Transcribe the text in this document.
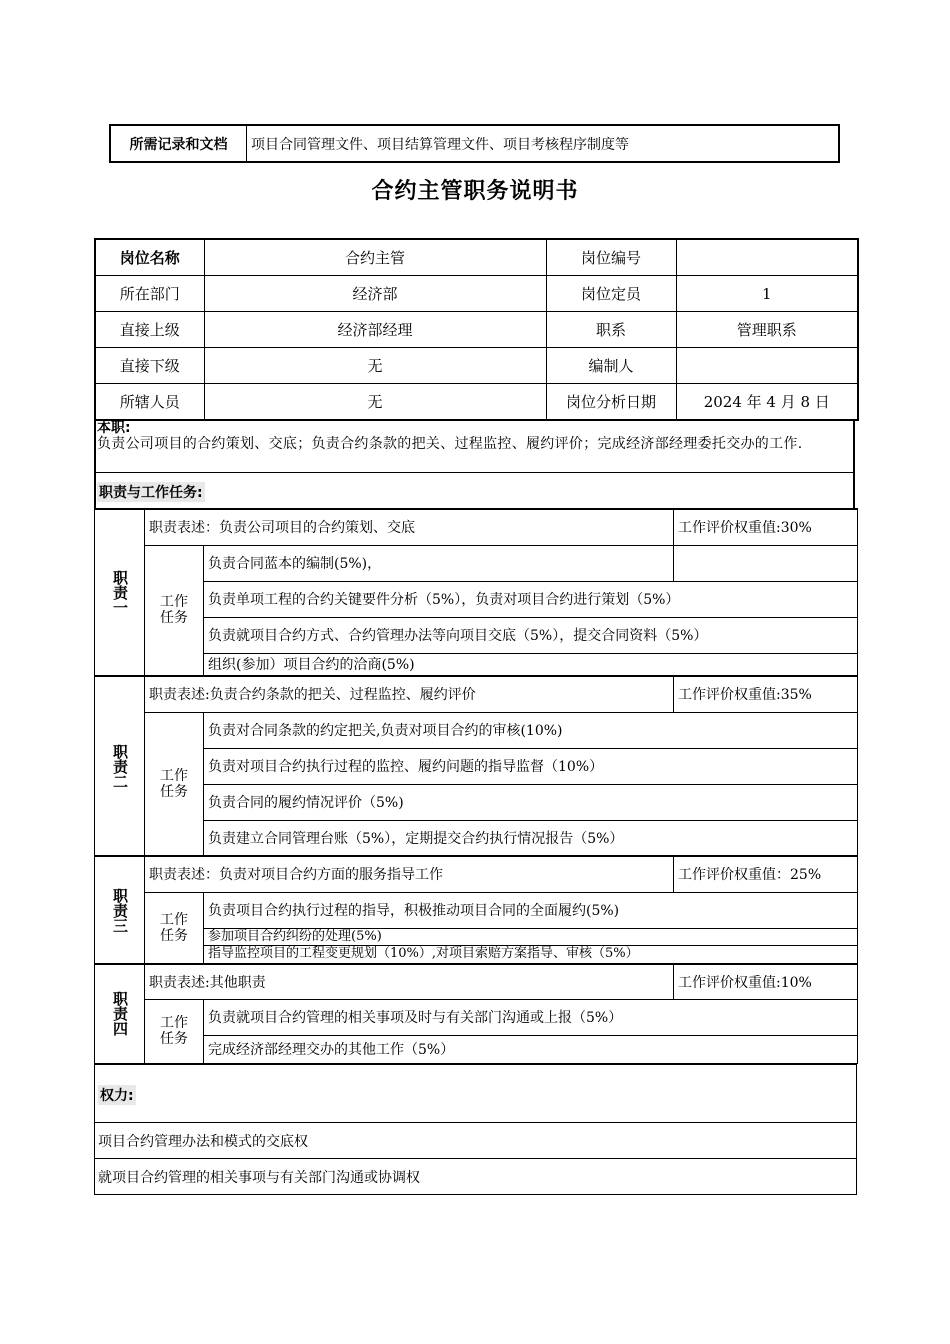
所需记录和文档	项目合同管理文件、项目结算管理文件、项目考核程序制度等
合约主管职务说明书
岗位名称	合约主管	岗位编号	
所在部门	经济部	岗位定员	1
直接上级	经济部经理	职系	管理职系
直接下级	无	编制人	
所辖人员	无	岗位分析日期	2024 年 4 月 8 日
本职:
负责公司项目的合约策划、交底；负责合约条款的把关、过程监控、履约评价；完成经济部经理委托交办的工作.
职责与工作任务:
职责一	职责表述：负责公司项目的合约策划、交底		工作评价权重值:30%
	工作任务	负责合同蓝本的编制(5%)，	
		负责单项工程的合约关键要件分析（5%），负责对项目合约进行策划（5%）	
		负责就项目合约方式、合约管理办法等向项目交底（5%），提交合同资料（5%）	
		组织(参加）项目合约的洽商(5%)	
职责二	职责表述:负责合约条款的把关、过程监控、履约评价		工作评价权重值:35%
	工作任务	负责对合同条款的约定把关,负责对项目合约的审核(10%)	
		负责对项目合约执行过程的监控、履约问题的指导监督（10%）	
		负责合同的履约情况评价（5%)	
		负责建立合同管理台账（5%），定期提交合约执行情况报告（5%）	
职责三	职责表述：负责对项目合约方面的服务指导工作		工作评价权重值：25%
	工作任务	负责项目合约执行过程的指导，积极推动项目合同的全面履约(5%)	
		参加项目合约纠纷的处理(5%)	
		指导监控项目的工程变更规划（10%）,对项目索赔方案指导、审核（5%）	
职责四	职责表述:其他职责		工作评价权重值:10%
	工作任务	负责就项目合约管理的相关事项及时与有关部门沟通或上报（5%）	
		完成经济部经理交办的其他工作（5%）	
权力:
项目合约管理办法和模式的交底权
就项目合约管理的相关事项与有关部门沟通或协调权
